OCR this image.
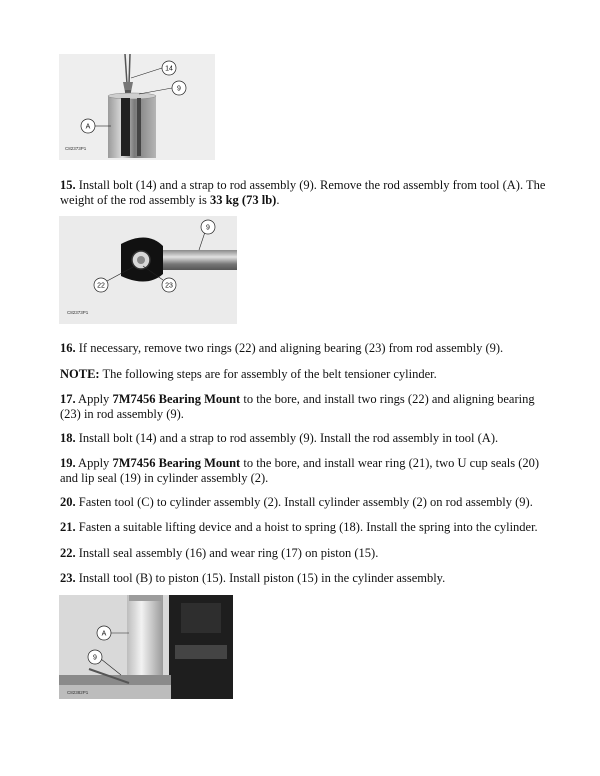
14
9
A
C82373P1

15. Install bolt (14) and a strap to rod assembly (9). Remove the rod assembly from tool (A). The weight of the rod assembly is 33 kg (73 lb).

9
22	23
C82373P1

16. If necessary, remove two rings (22) and aligning bearing (23) from rod assembly (9).

NOTE: The following steps are for assembly of the belt tensioner cylinder.

17. Apply 7M7456 Bearing Mount to the bore, and install two rings (22) and aligning bearing (23) in rod assembly (9).

18. Install bolt (14) and a strap to rod assembly (9). Install the rod assembly in tool (A).

19. Apply 7M7456 Bearing Mount to the bore, and install wear ring (21), two U cup seals (20) and lip seal (19) in cylinder assembly (2).

20. Fasten tool (C) to cylinder assembly (2). Install cylinder assembly (2) on rod assembly (9).

21. Fasten a suitable lifting device and a hoist to spring (18). Install the spring into the cylinder.

22. Install seal assembly (16) and wear ring (17) on piston (15).

23. Install tool (B) to piston (15). Install piston (15) in the cylinder assembly.

A
9
C82382P1
